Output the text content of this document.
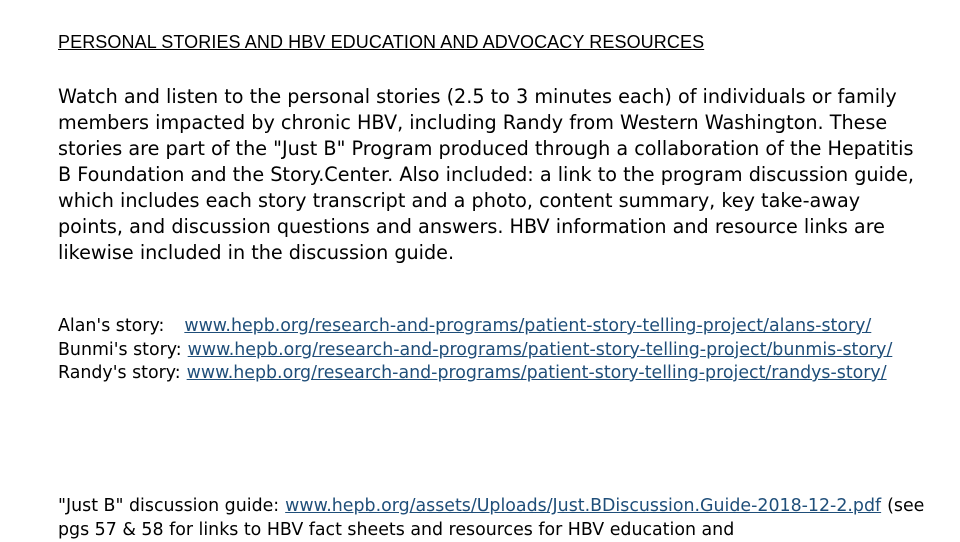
PERSONAL STORIES AND HBV EDUCATION AND ADVOCACY RESOURCES
Watch and listen to the personal stories (2.5 to 3 minutes each) of individuals or family members impacted by chronic HBV, including Randy from Western Washington. These stories are part of the "Just B" Program produced through a collaboration of the Hepatitis B Foundation and the Story.Center. Also included: a link to the program discussion guide, which includes each story transcript and a photo, content summary, key take-away points, and discussion questions and answers. HBV information and resource links are likewise included in the discussion guide.
Alan's story: www.hepb.org/research-and-programs/patient-story-telling-project/alans-story/
Bunmi's story: www.hepb.org/research-and-programs/patient-story-telling-project/bunmis-story/
Randy's story: www.hepb.org/research-and-programs/patient-story-telling-project/randys-story/
"Just B" discussion guide: www.hepb.org/assets/Uploads/Just.BDiscussion.Guide-2018-12-2.pdf (see pgs 57 & 58 for links to HBV fact sheets and resources for HBV education and
